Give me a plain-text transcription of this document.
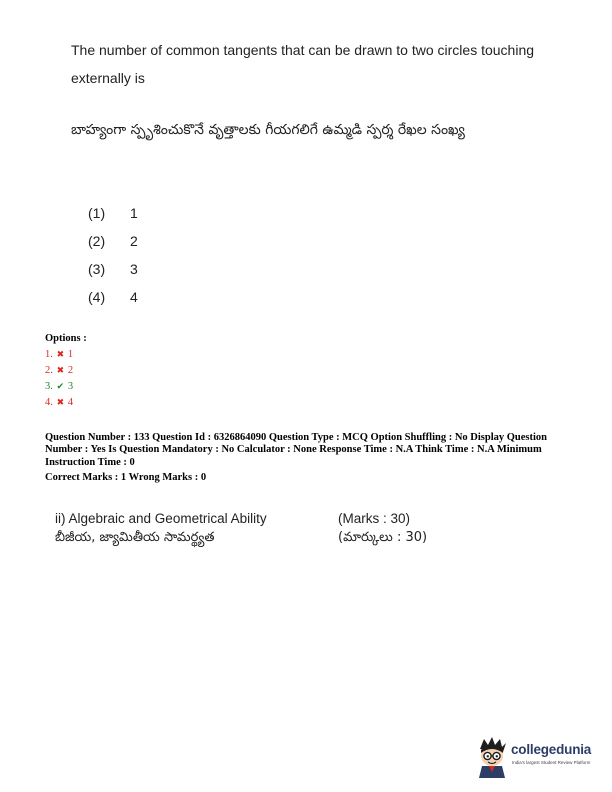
The number of common tangents that can be drawn to two circles touching externally is
బాహ్యంగా స్పృశించుకొనే వృత్తాలకు గీయగలిగే ఉమ్మడి స్పర్శ రేఖల సంఖ్య
(1)	1
(2)	2
(3)	3
(4)	4
Options :
1. ✖ 1
2. ✖ 2
3. ✔ 3
4. ✖ 4
Question Number : 133 Question Id : 6326864090 Question Type : MCQ Option Shuffling : No Display Question Number : Yes Is Question Mandatory : No Calculator : None Response Time : N.A Think Time : N.A Minimum Instruction Time : 0
Correct Marks : 1 Wrong Marks : 0
ii) Algebraic and Geometrical Ability	(Marks : 30)
బీజీయ, జ్యామితీయ సామర్థ్యత	(మార్కులు : 30)
collegedunia
India's largest Student Review Platform
